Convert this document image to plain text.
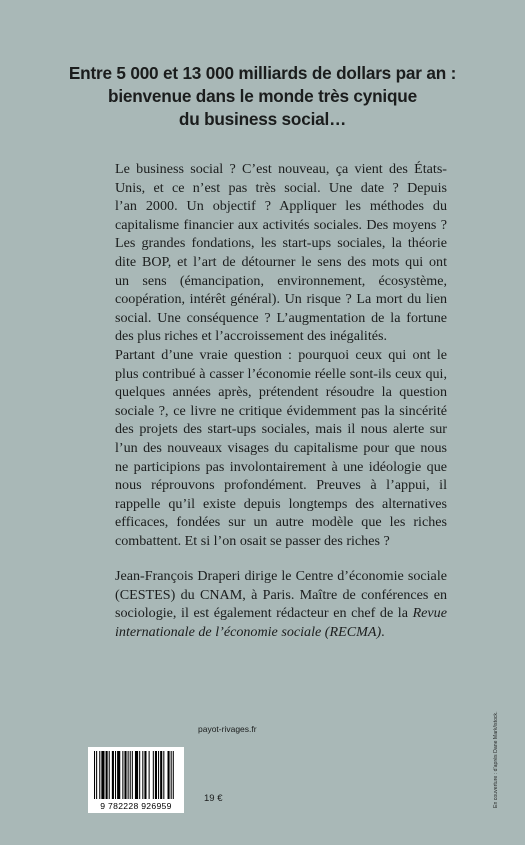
Entre 5 000 et 13 000 milliards de dollars par an :
bienvenue dans le monde très cynique
du business social…
Le business social ? C’est nouveau, ça vient des États-
Unis, et ce n’est pas très social. Une date ? Depuis
l’an 2000. Un objectif ? Appliquer les méthodes du
capitalisme financier aux activités sociales. Des moyens ?
Les grandes fondations, les start-ups sociales, la théorie
dite BOP, et l’art de détourner le sens des mots qui ont
un sens (émancipation, environnement, écosystème,
coopération, intérêt général). Un risque ? La mort du lien
social. Une conséquence ? L’augmentation de la fortune
des plus riches et l’accroissement des inégalités.
Partant d’une vraie question : pourquoi ceux qui ont le
plus contribué à casser l’économie réelle sont-ils ceux qui,
quelques années après, prétendent résoudre la question
sociale ?, ce livre ne critique évidemment pas la sincérité
des projets des start-ups sociales, mais il nous alerte sur
l’un des nouveaux visages du capitalisme pour que nous
ne participions pas involontairement à une idéologie que
nous réprouvons profondément. Preuves à l’appui, il
rappelle qu’il existe depuis longtemps des alternatives
efficaces, fondées sur un autre modèle que les riches
combattent. Et si l’on osait se passer des riches ?
Jean-François Draperi dirige le Centre d’économie sociale
(CESTES) du CNAM, à Paris. Maître de conférences en
sociologie, il est également rédacteur en chef de la Revue
internationale de l’économie sociale (RECMA).
payot-rivages.fr
9 782228 926959
19 €	En couverture : d’après Dane Mark/istock.
